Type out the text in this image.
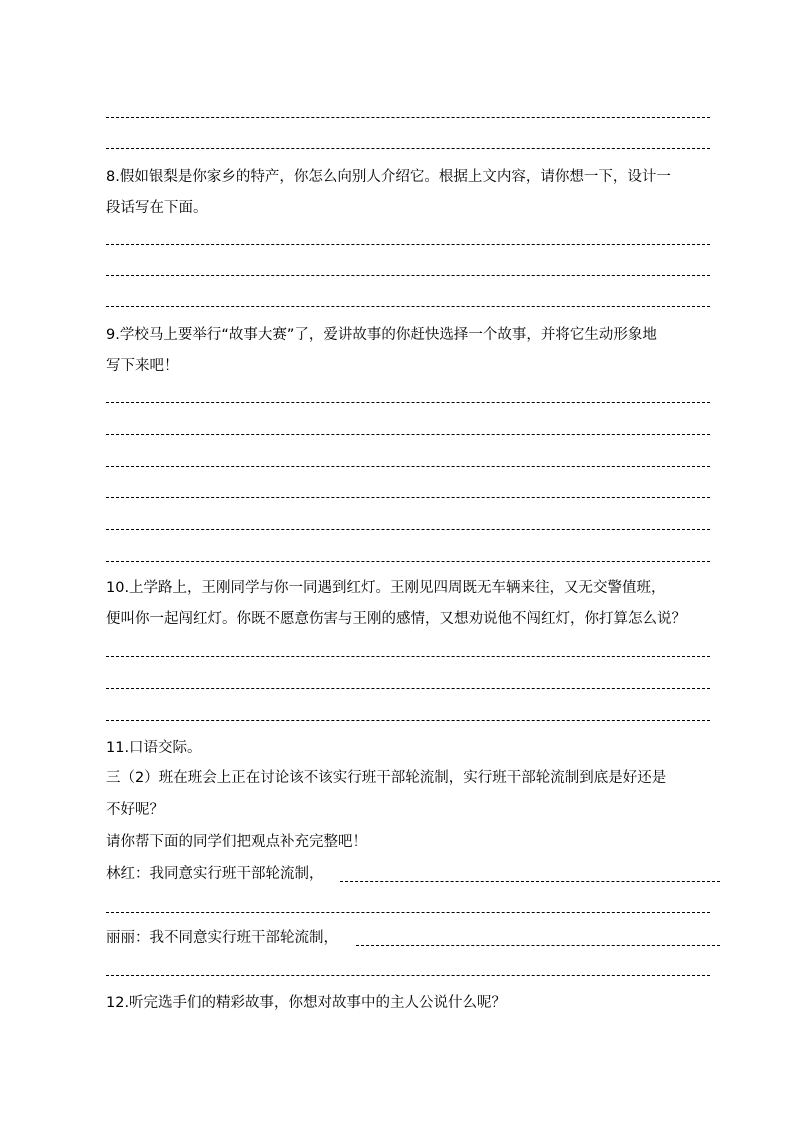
8.假如银梨是你家乡的特产，你怎么向别人介绍它。根据上文内容，请你想一下，设计一
段话写在下面。
9.学校马上要举行“故事大赛”了，爱讲故事的你赶快选择一个故事，并将它生动形象地
写下来吧！
10.上学路上，王刚同学与你一同遇到红灯。王刚见四周既无车辆来往，又无交警值班，
便叫你一起闯红灯。你既不愿意伤害与王刚的感情，又想劝说他不闯红灯，你打算怎么说？
11.口语交际。
三（2）班在班会上正在讨论该不该实行班干部轮流制，实行班干部轮流制到底是好还是
不好呢？
请你帮下面的同学们把观点补充完整吧！
林红：我同意实行班干部轮流制，
丽丽：我不同意实行班干部轮流制，
12.听完选手们的精彩故事，你想对故事中的主人公说什么呢？
